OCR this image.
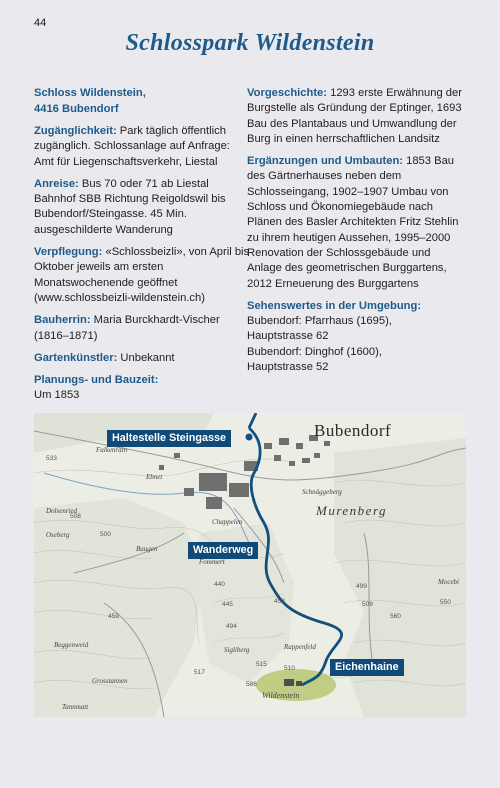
44
Schlosspark Wildenstein
Schloss Wildenstein,
4416 Bubendorf
Zugänglichkeit: Park täglich öffentlich zugänglich. Schlossanlage auf Anfrage: Amt für Liegenschaftsverkehr, Liestal
Anreise: Bus 70 oder 71 ab Liestal Bahnhof SBB Richtung Reigoldswil bis Bubendorf/Steingasse. 45 Min. ausgeschilderte Wanderung
Verpflegung: «Schlossbeizli», von April bis Oktober jeweils am ersten Monatswochenende geöffnet (www.schlossbeizli-wildenstein.ch)
Bauherrin: Maria Burckhardt-Vischer (1816–1871)
Gartenkünstler: Unbekannt
Planungs- und Bauzeit:
Um 1853
Vorgeschichte: 1293 erste Erwähnung der Burgstelle als Gründung der Eptinger, 1693 Bau des Plantabaus und Umwandlung der Burg in einen herrschaftlichen Landsitz
Ergänzungen und Umbauten: 1853 Bau des Gärtnerhauses neben dem Schlosseingang, 1902–1907 Umbau von Schloss und Ökonomiegebäude nach Plänen des Basler Architekten Fritz Stehlin zu ihrem heutigen Aussehen, 1995–2000 Renovation der Schlossgebäude und Anlage des geometrischen Burggartens, 2012 Erneuerung des Burggartens
Sehenswertes in der Umgebung:
Bubendorf: Pfarrhaus (1695),
Hauptstrasse 62
Bubendorf: Dinghof (1600),
Hauptstrasse 52
Haltestelle Steingasse
Wanderweg
Eichenhaine
Bubendorf
Murenberg
Wildenstein
Falkenrain
Ebnet
Baugen
Oseberg
Dolsenried
Chappelen
Fommert
Schnäggeberg
Rappenfeld
Sigliberg
Beggenweid
Grosstannen
Tannmatt
Mocebi
533
508
500
459
440
445	453
499
509
560
494
510
515
517
550
586
